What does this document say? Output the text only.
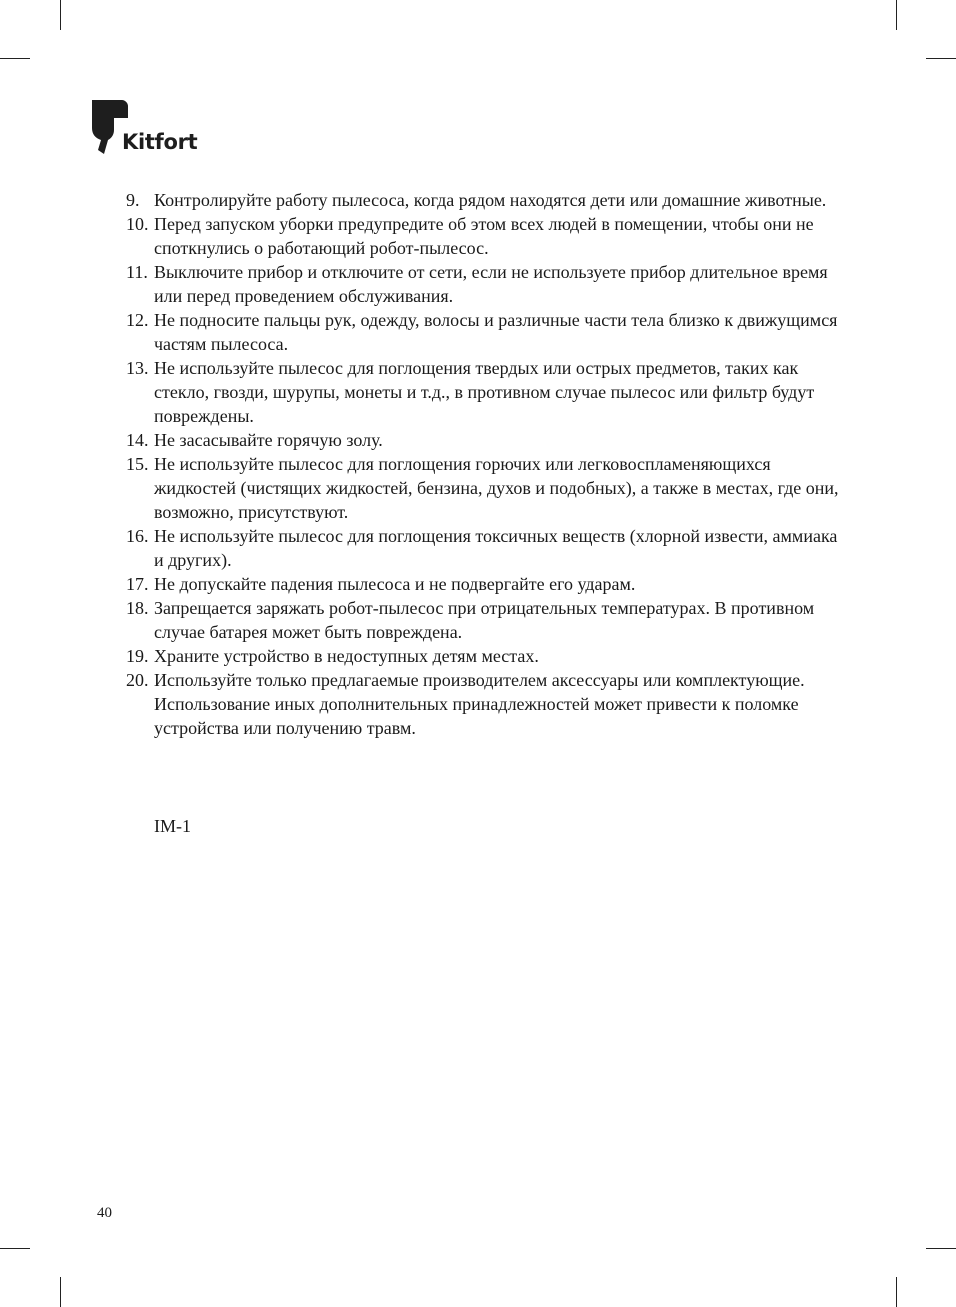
Kitfort
9. Контролируйте работу пылесоса, когда рядом находятся дети или домашние животные.
10. Перед запуском уборки предупредите об этом всех людей в помещении, чтобы они не споткнулись о работающий робот-пылесос.
11. Выключите прибор и отключите от сети, если не используете прибор длительное время или перед проведением обслуживания.
12. Не подносите пальцы рук, одежду, волосы и различные части тела близко к движущимся частям пылесоса.
13. Не используйте пылесос для поглощения твердых или острых предметов, таких как стекло, гвозди, шурупы, монеты и т.д., в противном случае пылесос или фильтр будут повреждены.
14. Не засасывайте горячую золу.
15. Не используйте пылесос для поглощения горючих или легковоспламеняющихся жидкостей (чистящих жидкостей, бензина, духов и подобных), а также в местах, где они, возможно, присутствуют.
16. Не используйте пылесос для поглощения токсичных веществ (хлорной извести, аммиака и других).
17. Не допускайте падения пылесоса и не подвергайте его ударам.
18. Запрещается заряжать робот-пылесос при отрицательных температурах. В противном случае батарея может быть повреждена.
19. Храните устройство в недоступных детям местах.
20. Используйте только предлагаемые производителем аксессуары или комплектующие. Использование иных дополнительных принадлежностей может привести к поломке устройства или получению травм.
IM-1
40
